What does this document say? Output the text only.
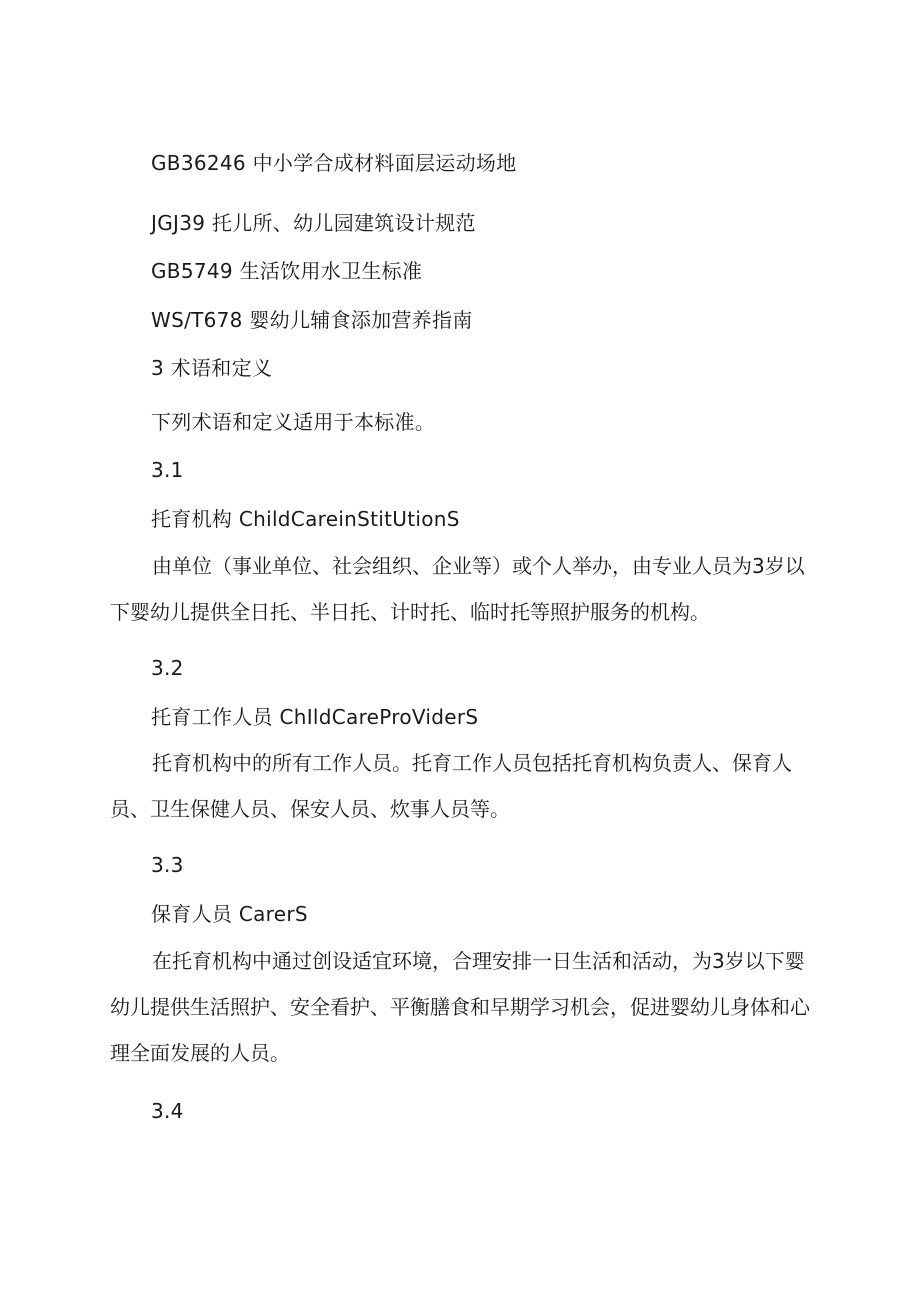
GB36246 中小学合成材料面层运动场地
JGJ39 托儿所、幼儿园建筑设计规范
GB5749 生活饮用水卫生标准
WS/T678 婴幼儿辅食添加营养指南
3 术语和定义
下列术语和定义适用于本标准。
3.1
托育机构 ChildCareinStitUtionS
由单位（事业单位、社会组织、企业等）或个人举办，由专业人员为3岁以下婴幼儿提供全日托、半日托、计时托、临时托等照护服务的机构。
3.2
托育工作人员 ChIldCareProViderS
托育机构中的所有工作人员。托育工作人员包括托育机构负责人、保育人员、卫生保健人员、保安人员、炊事人员等。
3.3
保育人员 CarerS
在托育机构中通过创设适宜环境，合理安排一日生活和活动，为3岁以下婴幼儿提供生活照护、安全看护、平衡膳食和早期学习机会，促进婴幼儿身体和心理全面发展的人员。
3.4
